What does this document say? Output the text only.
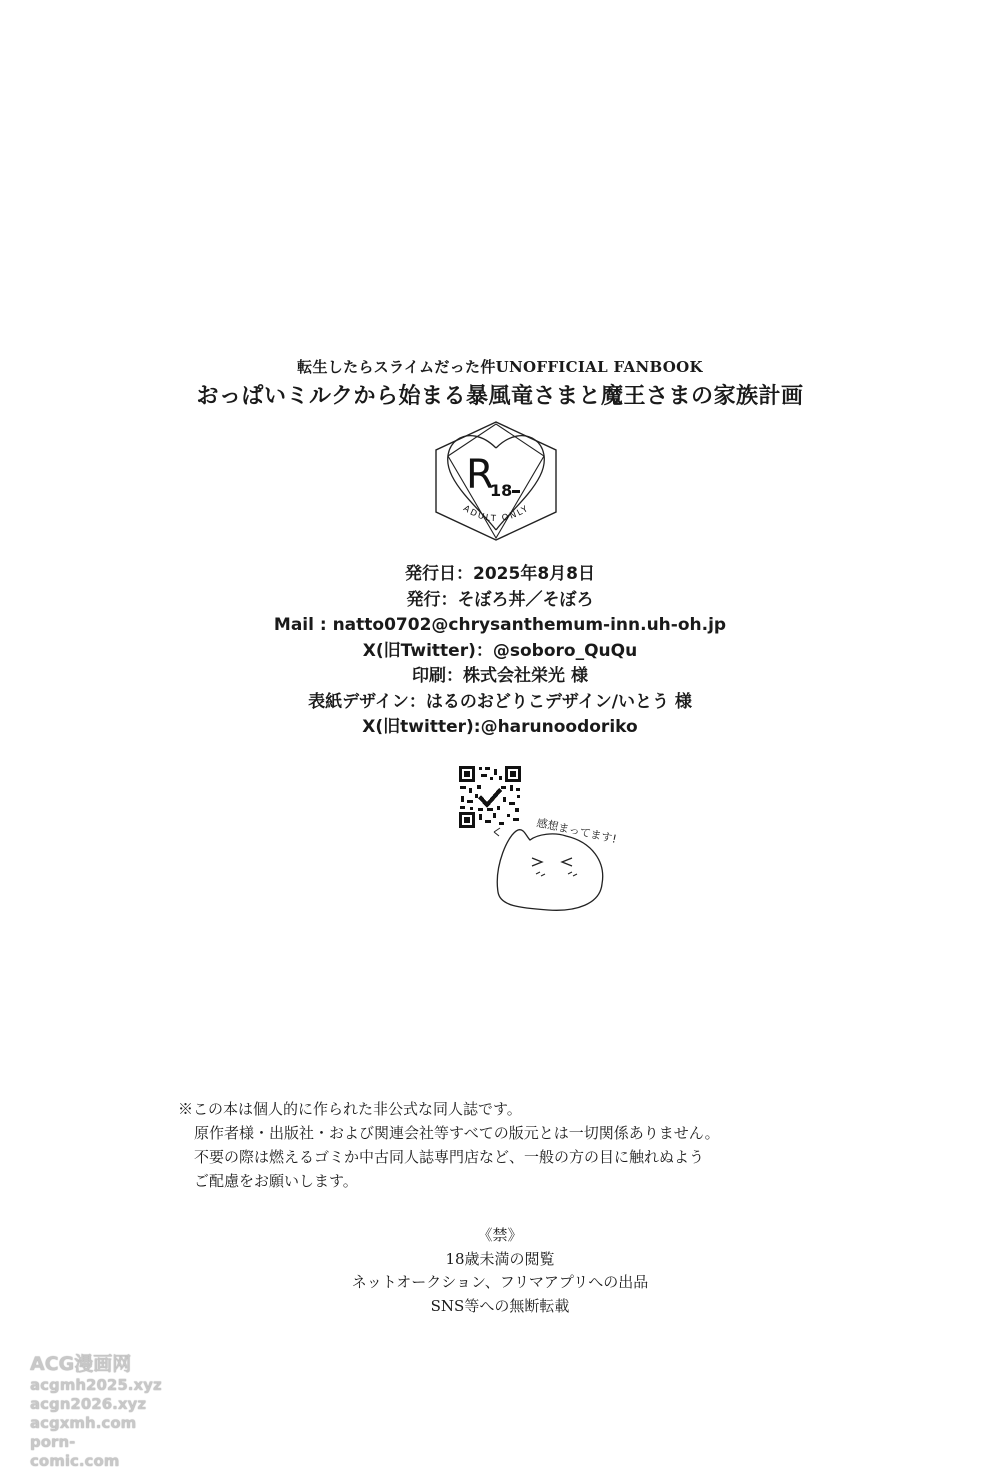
転生したらスライムだった件UNOFFICIAL FANBOOK
おっぱいミルクから始まる暴風竜さまと魔王さまの家族計画
R
18
ADULT ONLY
発行日：2025年8月8日
発行：そぼろ丼／そぼろ
Mail : natto0702@chrysanthemum-inn.uh-oh.jp
X(旧Twitter)：@soboro_QuQu
印刷：株式会社栄光 様
表紙デザイン：はるのおどりこデザイン/いとう 様
X(旧twitter):@harunoodoriko
感想まってます!
※この本は個人的に作られた非公式な同人誌です。
原作者様・出版社・および関連会社等すべての版元とは一切関係ありません。
不要の際は燃えるゴミか中古同人誌専門店など、一般の方の目に触れぬよう
ご配慮をお願いします。
《禁》
18歳未満の閲覧
ネットオークション、フリマアプリへの出品
SNS等への無断転載
ACG漫画网
acgmh2025.xyz
acgn2026.xyz
acgxmh.com
porn-comic.com
